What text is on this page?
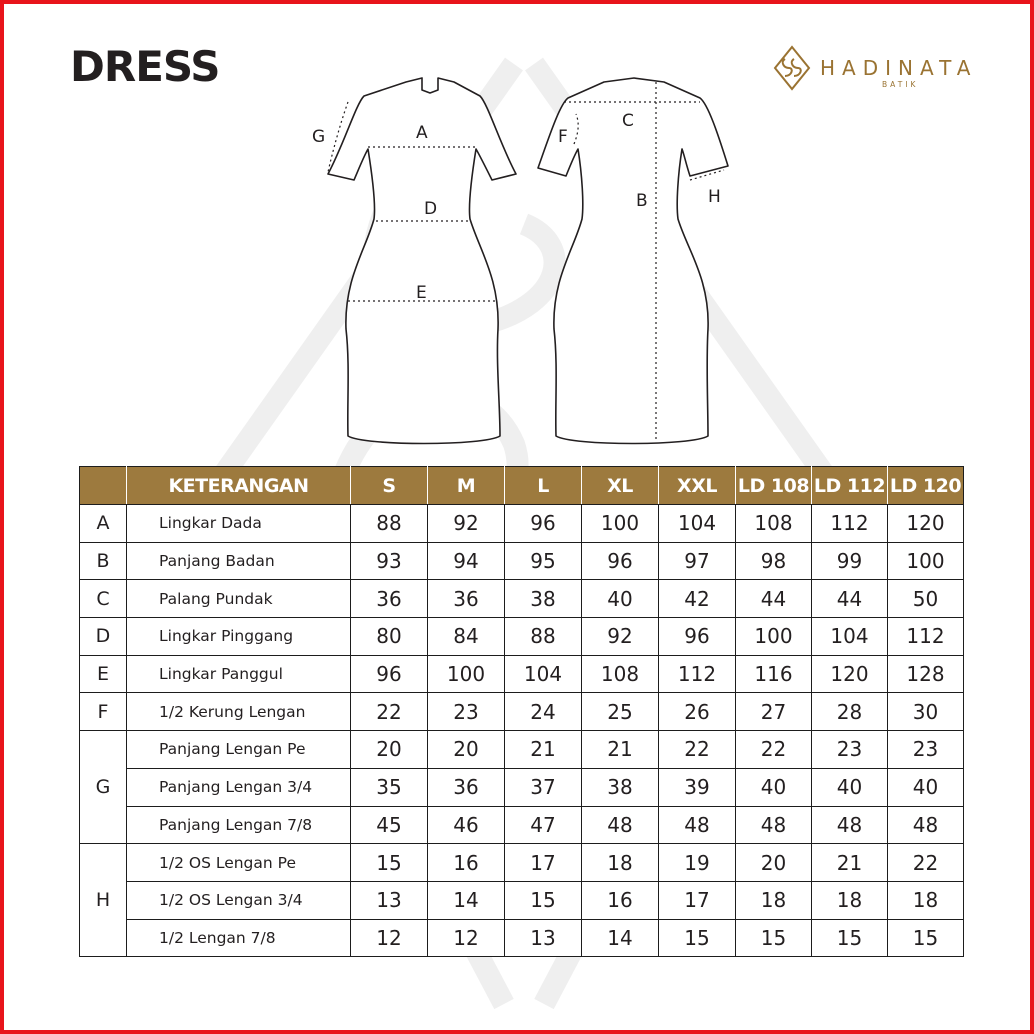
DRESS	HADINATA
BATIK
A
D
E
G
C
B
F
H
	KETERANGAN	S	M	L	XL	XXL	LD 108	LD 112	LD 120
A	Lingkar Dada	88	92	96	100	104	108	112	120
B	Panjang Badan	93	94	95	96	97	98	99	100
C	Palang Pundak	36	36	38	40	42	44	44	50
D	Lingkar Pinggang	80	84	88	92	96	100	104	112
E	Lingkar Panggul	96	100	104	108	112	116	120	128
F	1/2 Kerung Lengan	22	23	24	25	26	27	28	30
G	Panjang Lengan Pe	20	20	21	21	22	22	23	23
	Panjang Lengan 3/4	35	36	37	38	39	40	40	40
	Panjang Lengan 7/8	45	46	47	48	48	48	48	48
H	1/2 OS Lengan Pe	15	16	17	18	19	20	21	22
	1/2 OS Lengan 3/4	13	14	15	16	17	18	18	18
	1/2 Lengan 7/8	12	12	13	14	15	15	15	15
